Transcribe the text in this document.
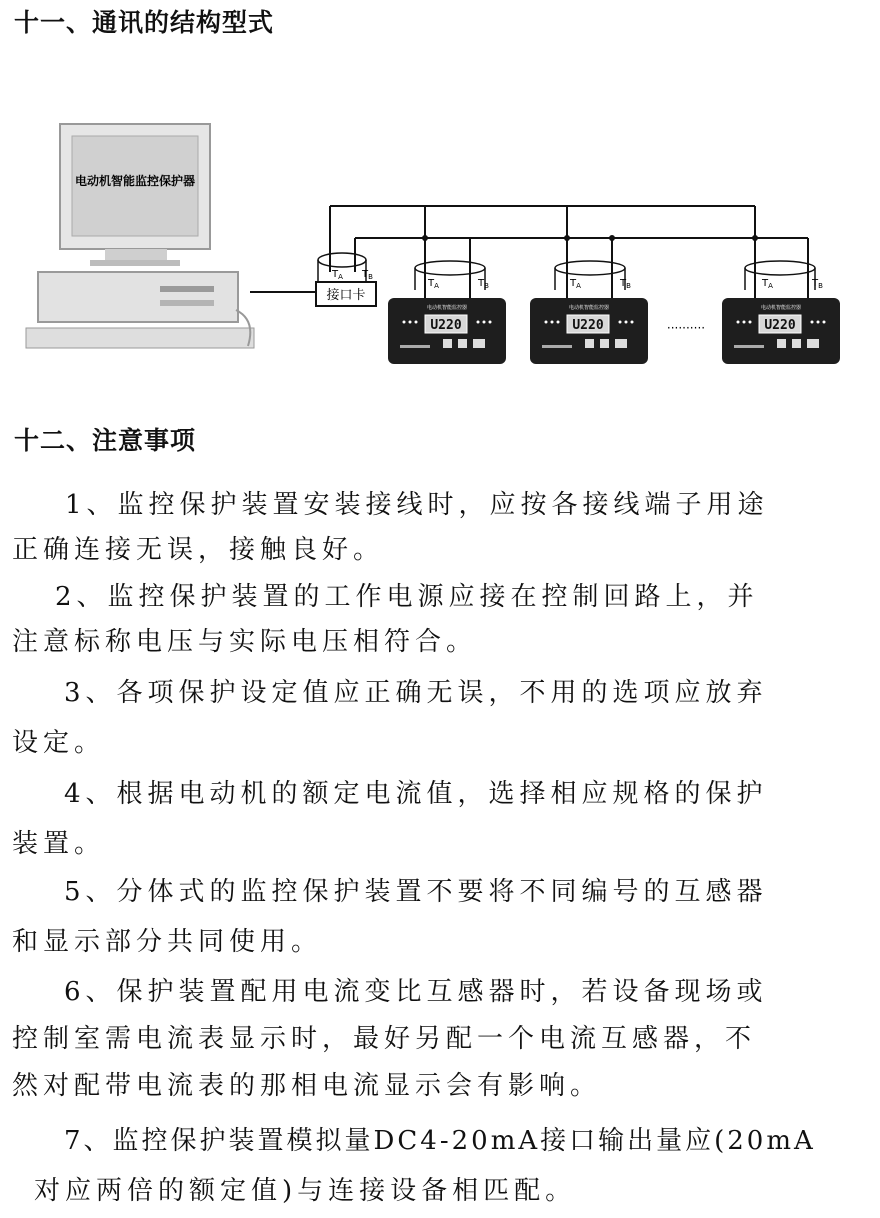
十一、通讯的结构型式
电动机智能监控保护器
$T_A$ $T_B$
接口卡
$T_A$	$T_B$
电动机智能监控器
U220
$T_A$	$T_B$
电动机智能监控器
U220	··········
$T_A$	$T_B$
电动机智能监控器
U220
十二、注意事项
1、监控保护装置安装接线时，应按各接线端子用途
正确连接无误，接触良好。
2、监控保护装置的工作电源应接在控制回路上，并
注意标称电压与实际电压相符合。
3、各项保护设定值应正确无误，不用的选项应放弃
设定。
4、根据电动机的额定电流值，选择相应规格的保护
装置。
5、分体式的监控保护装置不要将不同编号的互感器
和显示部分共同使用。
6、保护装置配用电流变比互感器时，若设备现场或
控制室需电流表显示时，最好另配一个电流互感器，不
然对配带电流表的那相电流显示会有影响。
7、监控保护装置模拟量DC4-20mA接口输出量应(20mA
对应两倍的额定值)与连接设备相匹配。
